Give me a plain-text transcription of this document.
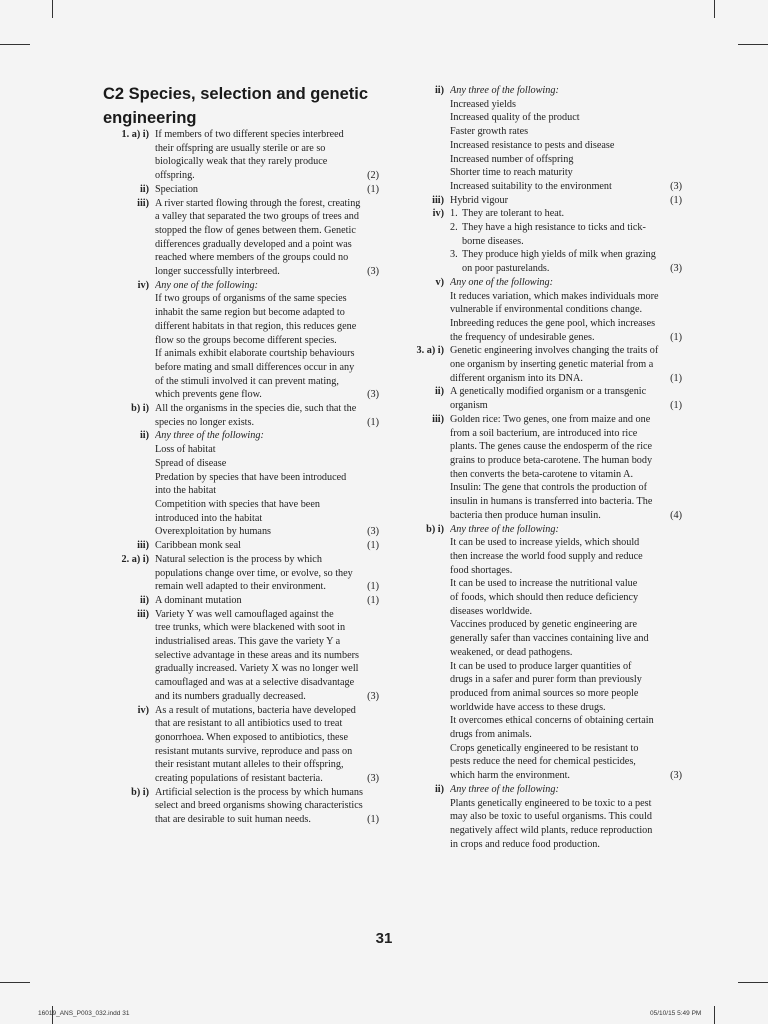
C2 Species, selection and genetic engineering
1. a) i) If members of two different species interbreed
their offspring are usually sterile or are so
biologically weak that they rarely produce
offspring.	(2)
ii) Speciation	(1)
iii) A river started flowing through the forest, creating
a valley that separated the two groups of trees and
stopped the flow of genes between them. Genetic
differences gradually developed and a point was
reached where members of the groups could no
longer successfully interbreed.	(3)
iv) Any one of the following:
If two groups of organisms of the same species
inhabit the same region but become adapted to
different habitats in that region, this reduces gene
flow so the groups become different species.
If animals exhibit elaborate courtship behaviours
before mating and small differences occur in any
of the stimuli involved it can prevent mating,
which prevents gene flow.	(3)
b) i) All the organisms in the species die, such that the
species no longer exists.	(1)
ii) Any three of the following:
Loss of habitat
Spread of disease
Predation by species that have been introduced
into the habitat
Competition with species that have been
introduced into the habitat
Overexploitation by humans	(3)
iii) Caribbean monk seal	(1)
2. a) i) Natural selection is the process by which
populations change over time, or evolve, so they
remain well adapted to their environment.	(1)
ii) A dominant mutation	(1)
iii) Variety Y was well camouflaged against the
tree trunks, which were blackened with soot in
industrialised areas. This gave the variety Y a
selective advantage in these areas and its numbers
gradually increased. Variety X was no longer well
camouflaged and was at a selective disadvantage
and its numbers gradually decreased.	(3)
iv) As a result of mutations, bacteria have developed
that are resistant to all antibiotics used to treat
gonorrhoea. When exposed to antibiotics, these
resistant mutants survive, reproduce and pass on
their resistant mutant alleles to their offspring,
creating populations of resistant bacteria.	(3)
b) i) Artificial selection is the process by which humans
select and breed organisms showing characteristics
that are desirable to suit human needs.	(1)
ii) Any three of the following:
Increased yields
Increased quality of the product
Faster growth rates
Increased resistance to pests and disease
Increased number of offspring
Shorter time to reach maturity
Increased suitability to the environment	(3)
iii) Hybrid vigour	(1)
iv) 1. They are tolerant to heat.
2. They have a high resistance to ticks and tick-
borne diseases.
3. They produce high yields of milk when grazing
on poor pasturelands.	(3)
v) Any one of the following:
It reduces variation, which makes individuals more
vulnerable if environmental conditions change.
Inbreeding reduces the gene pool, which increases
the frequency of undesirable genes.	(1)
3. a) i) Genetic engineering involves changing the traits of
one organism by inserting genetic material from a
different organism into its DNA.	(1)
ii) A genetically modified organism or a transgenic
organism	(1)
iii) Golden rice: Two genes, one from maize and one
from a soil bacterium, are introduced into rice
plants. The genes cause the endosperm of the rice
grains to produce beta-carotene. The human body
then converts the beta-carotene to vitamin A.
Insulin: The gene that controls the production of
insulin in humans is transferred into bacteria. The
bacteria then produce human insulin.	(4)
b) i) Any three of the following:
It can be used to increase yields, which should
then increase the world food supply and reduce
food shortages.
It can be used to increase the nutritional value
of foods, which should then reduce deficiency
diseases worldwide.
Vaccines produced by genetic engineering are
generally safer than vaccines containing live and
weakened, or dead pathogens.
It can be used to produce larger quantities of
drugs in a safer and purer form than previously
produced from animal sources so more people
worldwide have access to these drugs.
It overcomes ethical concerns of obtaining certain
drugs from animals.
Crops genetically engineered to be resistant to
pests reduce the need for chemical pesticides,
which harm the environment.	(3)
ii) Any three of the following:
Plants genetically engineered to be toxic to a pest
may also be toxic to useful organisms. This could
negatively affect wild plants, reduce reproduction
in crops and reduce food production.
31
16019_ANS_P003_032.indd 31	05/10/15 5:49 PM
